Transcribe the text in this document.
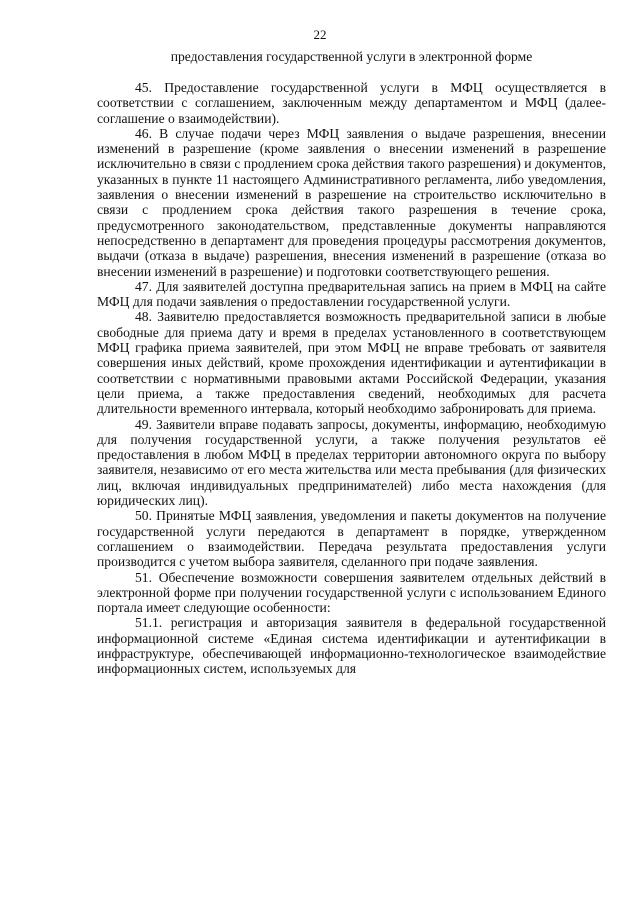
22
предоставления государственной услуги в электронной форме

45. Предоставление государственной услуги в МФЦ осуществляется в соответствии с соглашением, заключенным между департаментом и МФЦ (далее-соглашение о взаимодействии).

46. В случае подачи через МФЦ заявления о выдаче разрешения, внесении изменений в разрешение (кроме заявления о внесении изменений в разрешение исключительно в связи с продлением срока действия такого разрешения) и документов, указанных в пункте 11 настоящего Административного регламента, либо уведомления, заявления о внесении изменений в разрешение на строительство исключительно в связи с продлением срока действия такого разрешения в течение срока, предусмотренного законодательством, представленные документы направляются непосредственно в департамент для проведения процедуры рассмотрения документов, выдачи (отказа в выдаче) разрешения, внесения изменений в разрешение (отказа во внесении изменений в разрешение) и подготовки соответствующего решения.

47. Для заявителей доступна предварительная запись на прием в МФЦ на сайте МФЦ для подачи заявления о предоставлении государственной услуги.

48. Заявителю предоставляется возможность предварительной записи в любые свободные для приема дату и время в пределах установленного в соответствующем МФЦ графика приема заявителей, при этом МФЦ не вправе требовать от заявителя совершения иных действий, кроме прохождения идентификации и аутентификации в соответствии с нормативными правовыми актами Российской Федерации, указания цели приема, а также предоставления сведений, необходимых для расчета длительности временного интервала, который необходимо забронировать для приема.

49. Заявители вправе подавать запросы, документы, информацию, необходимую для получения государственной услуги, а также получения результатов её предоставления в любом МФЦ в пределах территории автономного округа по выбору заявителя, независимо от его места жительства или места пребывания (для физических лиц, включая индивидуальных предпринимателей) либо места нахождения (для юридических лиц).

50. Принятые МФЦ заявления, уведомления и пакеты документов на получение государственной услуги передаются в департамент в порядке, утвержденном соглашением о взаимодействии. Передача результата предоставления услуги производится с учетом выбора заявителя, сделанного при подаче заявления.

51. Обеспечение возможности совершения заявителем отдельных действий в электронной форме при получении государственной услуги с использованием Единого портала имеет следующие особенности:

51.1. регистрация и авторизация заявителя в федеральной государственной информационной системе «Единая система идентификации и аутентификации в инфраструктуре, обеспечивающей информационно-технологическое взаимодействие информационных систем, используемых для
